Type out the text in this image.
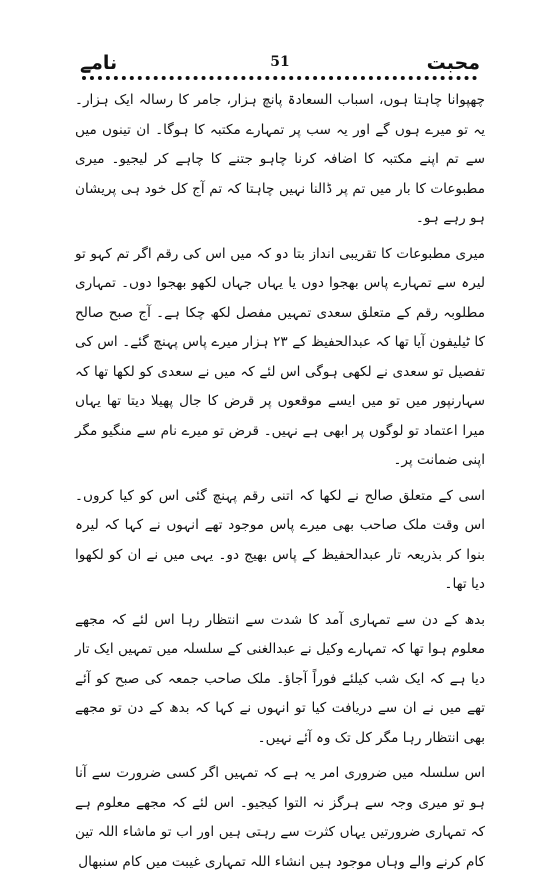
محبت
51
نامے

چھپوانا چاہتا ہوں، اسباب السعادۃ پانچ ہزار، جامر کا رسالہ ایک ہزار۔ یہ تو میرے ہوں گے اور یہ سب پر تمہارے مکتبہ کا ہوگا۔ ان تینوں میں سے تم اپنے مکتبہ کا اضافہ کرنا چاہو جتنے کا چاہے کر لیجیو۔ میری مطبوعات کا بار میں تم پر ڈالنا نہیں چاہتا کہ تم آج کل خود ہی پریشان ہو رہے ہو۔

میری مطبوعات کا تقریبی انداز بتا دو کہ میں اس کی رقم اگر تم کہو تو لیرہ سے تمہارے پاس بھجوا دوں یا یہاں جہاں لکھو بھجوا دوں۔ تمہاری مطلوبہ رقم کے متعلق سعدی تمہیں مفصل لکھ چکا ہے۔ آج صبح صالح کا ٹیلیفون آیا تھا کہ عبدالحفیظ کے ۲۳ ہزار میرے پاس پہنچ گئے۔ اس کی تفصیل تو سعدی نے لکھی ہوگی اس لئے کہ میں نے سعدی کو لکھا تھا کہ سہارنپور میں تو میں ایسے موقعوں پر قرض کا جال پھیلا دیتا تھا یہاں میرا اعتماد تو لوگوں پر ابھی ہے نہیں۔ قرض تو میرے نام سے منگیو مگر اپنی ضمانت پر۔

اسی کے متعلق صالح نے لکھا کہ اتنی رقم پہنچ گئی اس کو کیا کروں۔ اس وقت ملک صاحب بھی میرے پاس موجود تھے انہوں نے کہا کہ لیرہ بنوا کر بذریعہ تار عبدالحفیظ کے پاس بھیج دو۔ یہی میں نے ان کو لکھوا دیا تھا۔

بدھ کے دن سے تمہاری آمد کا شدت سے انتظار رہا اس لئے کہ مجھے معلوم ہوا تھا کہ تمہارے وکیل نے عبدالغنی کے سلسلہ میں تمہیں ایک تار دیا ہے کہ ایک شب کیلئے فوراً آجاؤ۔ ملک صاحب جمعہ کی صبح کو آئے تھے میں نے ان سے دریافت کیا تو انہوں نے کہا کہ بدھ کے دن تو مجھے بھی انتظار رہا مگر کل تک وہ آئے نہیں۔

اس سلسلہ میں ضروری امر یہ ہے کہ تمہیں اگر کسی ضرورت سے آنا ہو تو میری وجہ سے ہرگز نہ التوا کیجیو۔ اس لئے کہ مجھے معلوم ہے کہ تمہاری ضرورتیں یہاں کثرت سے رہتی ہیں اور اب تو ماشاء اللہ تین کام کرنے والے وہاں موجود ہیں انشاء اللہ تمہاری غیبت میں کام سنبھال
